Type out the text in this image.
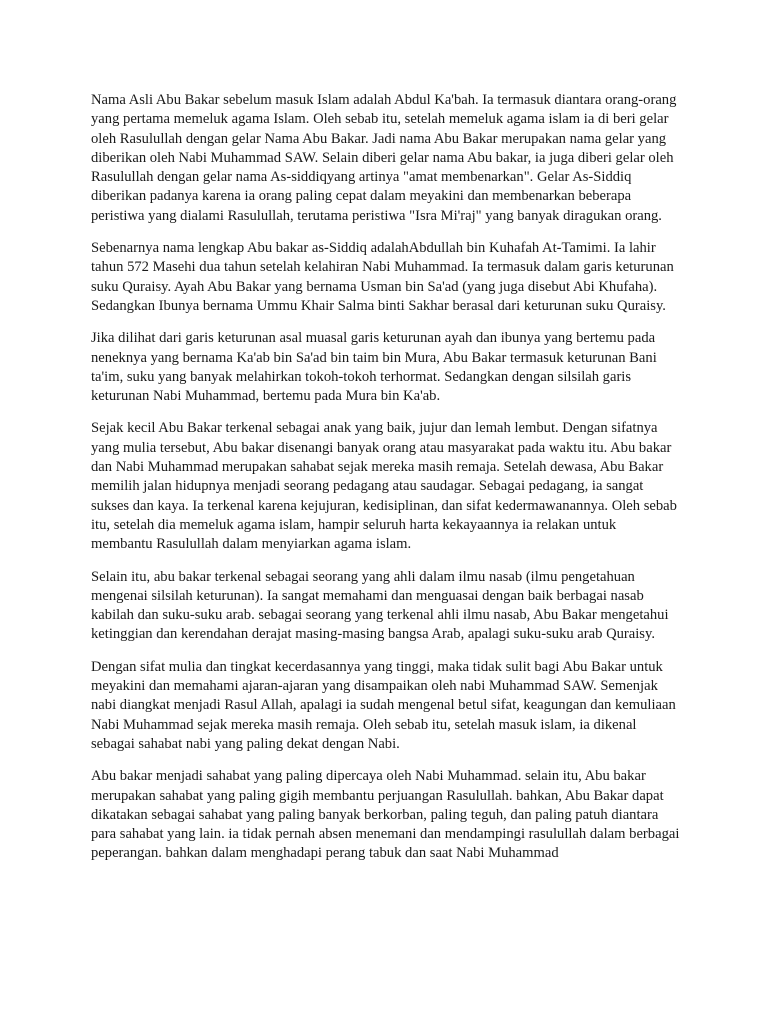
Nama Asli Abu Bakar sebelum masuk Islam adalah Abdul Ka'bah. Ia termasuk diantara orang-orang yang pertama memeluk agama Islam. Oleh sebab itu, setelah memeluk agama islam ia di beri gelar oleh Rasulullah dengan gelar Nama Abu Bakar. Jadi nama Abu Bakar merupakan nama gelar yang diberikan oleh Nabi Muhammad SAW. Selain diberi gelar nama Abu bakar, ia juga diberi gelar oleh Rasulullah dengan gelar nama As-siddiqyang artinya "amat membenarkan". Gelar As-Siddiq diberikan padanya karena ia orang paling cepat dalam meyakini dan membenarkan beberapa peristiwa yang dialami Rasulullah, terutama peristiwa "Isra Mi'raj" yang banyak diragukan orang.

Sebenarnya nama lengkap Abu bakar as-Siddiq adalahAbdullah bin Kuhafah At-Tamimi. Ia lahir tahun 572 Masehi dua tahun setelah kelahiran Nabi Muhammad. Ia termasuk dalam garis keturunan suku Quraisy. Ayah Abu Bakar yang bernama Usman bin Sa'ad (yang juga disebut Abi Khufaha). Sedangkan Ibunya bernama Ummu Khair Salma binti Sakhar berasal dari keturunan suku Quraisy.

Jika dilihat dari garis keturunan asal muasal garis keturunan ayah dan ibunya yang bertemu pada neneknya yang bernama Ka'ab bin Sa'ad bin taim bin Mura, Abu Bakar termasuk keturunan Bani ta'im, suku yang banyak melahirkan tokoh-tokoh terhormat. Sedangkan dengan silsilah garis keturunan Nabi Muhammad, bertemu pada Mura bin Ka'ab.

Sejak kecil Abu Bakar terkenal sebagai anak yang baik, jujur dan lemah lembut. Dengan sifatnya yang mulia tersebut, Abu bakar disenangi banyak orang atau masyarakat pada waktu itu. Abu bakar dan Nabi Muhammad merupakan sahabat sejak mereka masih remaja. Setelah dewasa, Abu Bakar memilih jalan hidupnya menjadi seorang pedagang atau saudagar. Sebagai pedagang, ia sangat sukses dan kaya. Ia terkenal karena kejujuran, kedisiplinan, dan sifat kedermawanannya. Oleh sebab itu, setelah dia memeluk agama islam, hampir seluruh harta kekayaannya ia relakan untuk membantu Rasulullah dalam menyiarkan agama islam.

Selain itu, abu bakar terkenal sebagai seorang yang ahli dalam ilmu nasab (ilmu pengetahuan mengenai silsilah keturunan). Ia sangat memahami dan menguasai dengan baik berbagai nasab kabilah dan suku-suku arab. sebagai seorang yang terkenal ahli ilmu nasab, Abu Bakar mengetahui ketinggian dan kerendahan derajat masing-masing bangsa Arab, apalagi suku-suku arab Quraisy.

Dengan sifat mulia dan tingkat kecerdasannya yang tinggi, maka tidak sulit bagi Abu Bakar untuk meyakini dan memahami ajaran-ajaran yang disampaikan oleh nabi Muhammad SAW. Semenjak nabi diangkat menjadi Rasul Allah, apalagi ia sudah mengenal betul sifat, keagungan dan kemuliaan Nabi Muhammad sejak mereka masih remaja. Oleh sebab itu, setelah masuk islam, ia dikenal sebagai sahabat nabi yang paling dekat dengan Nabi.

Abu bakar menjadi sahabat yang paling dipercaya oleh Nabi Muhammad. selain itu, Abu bakar merupakan sahabat yang paling gigih membantu perjuangan Rasulullah. bahkan, Abu Bakar dapat dikatakan sebagai sahabat yang paling banyak berkorban, paling teguh, dan paling patuh diantara para sahabat yang lain. ia tidak pernah absen menemani dan mendampingi rasulullah dalam berbagai peperangan. bahkan dalam menghadapi perang tabuk dan saat Nabi Muhammad
